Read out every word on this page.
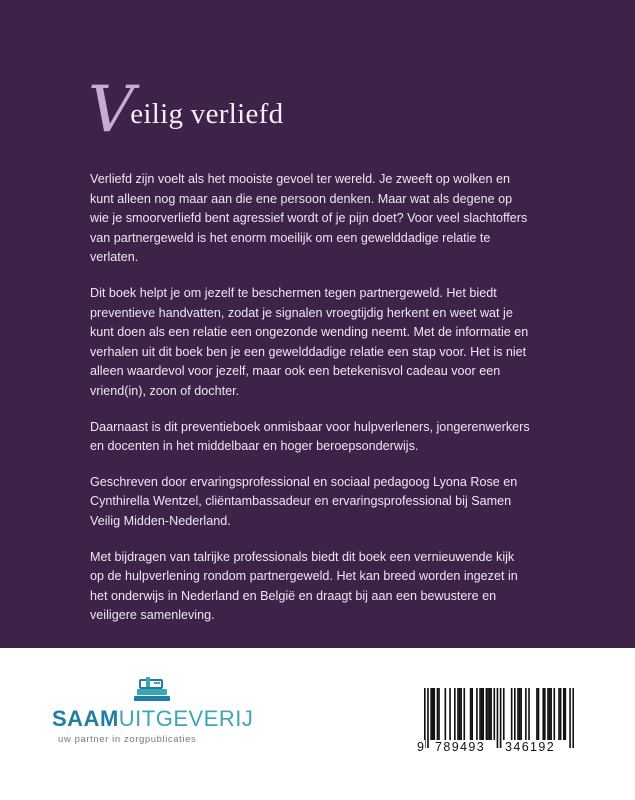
Veilig verliefd

Verliefd zijn voelt als het mooiste gevoel ter wereld. Je zweeft op wolken en kunt alleen nog maar aan die ene persoon denken. Maar wat als degene op wie je smoorverliefd bent agressief wordt of je pijn doet? Voor veel slachtoffers van partnergeweld is het enorm moeilijk om een gewelddadige relatie te verlaten.

Dit boek helpt je om jezelf te beschermen tegen partnergeweld. Het biedt preventieve handvatten, zodat je signalen vroegtijdig herkent en weet wat je kunt doen als een relatie een ongezonde wending neemt. Met de informatie en verhalen uit dit boek ben je een gewelddadige relatie een stap voor. Het is niet alleen waardevol voor jezelf, maar ook een betekenisvol cadeau voor een vriend(in), zoon of dochter.

Daarnaast is dit preventieboek onmisbaar voor hulpverleners, jongerenwerkers en docenten in het middelbaar en hoger beroepsonderwijs.

Geschreven door ervaringsprofessional en sociaal pedagoog Lyona Rose en Cynthirella Wentzel, cliëntambassadeur en ervaringsprofessional bij Samen Veilig Midden-Nederland.

Met bijdragen van talrijke professionals biedt dit boek een vernieuwende kijk op de hulpverlening rondom partnergeweld. Het kan breed worden ingezet in het onderwijs in Nederland en België en draagt bij aan een bewustere en veiligere samenleving.

SAAMUITGEVERIJ
uw partner in zorgpublicaties
9 789493 346192
